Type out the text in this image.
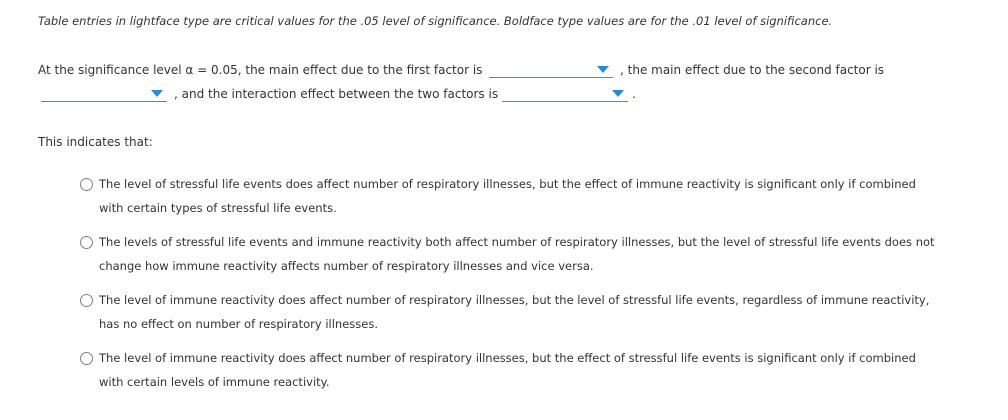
Table entries in lightface type are critical values for the .05 level of significance. Boldface type values are for the .01 level of significance.
At the significance level α = 0.05, the main effect due to the first factor is	, the main effect due to the second factor is
, and the interaction effect between the two factors is	.
This indicates that:
The level of stressful life events does affect number of respiratory illnesses, but the effect of immune reactivity is significant only if combined with certain types of stressful life events.
The levels of stressful life events and immune reactivity both affect number of respiratory illnesses, but the level of stressful life events does not change how immune reactivity affects number of respiratory illnesses and vice versa.
The level of immune reactivity does affect number of respiratory illnesses, but the level of stressful life events, regardless of immune reactivity, has no effect on number of respiratory illnesses.
The level of immune reactivity does affect number of respiratory illnesses, but the effect of stressful life events is significant only if combined with certain levels of immune reactivity.
